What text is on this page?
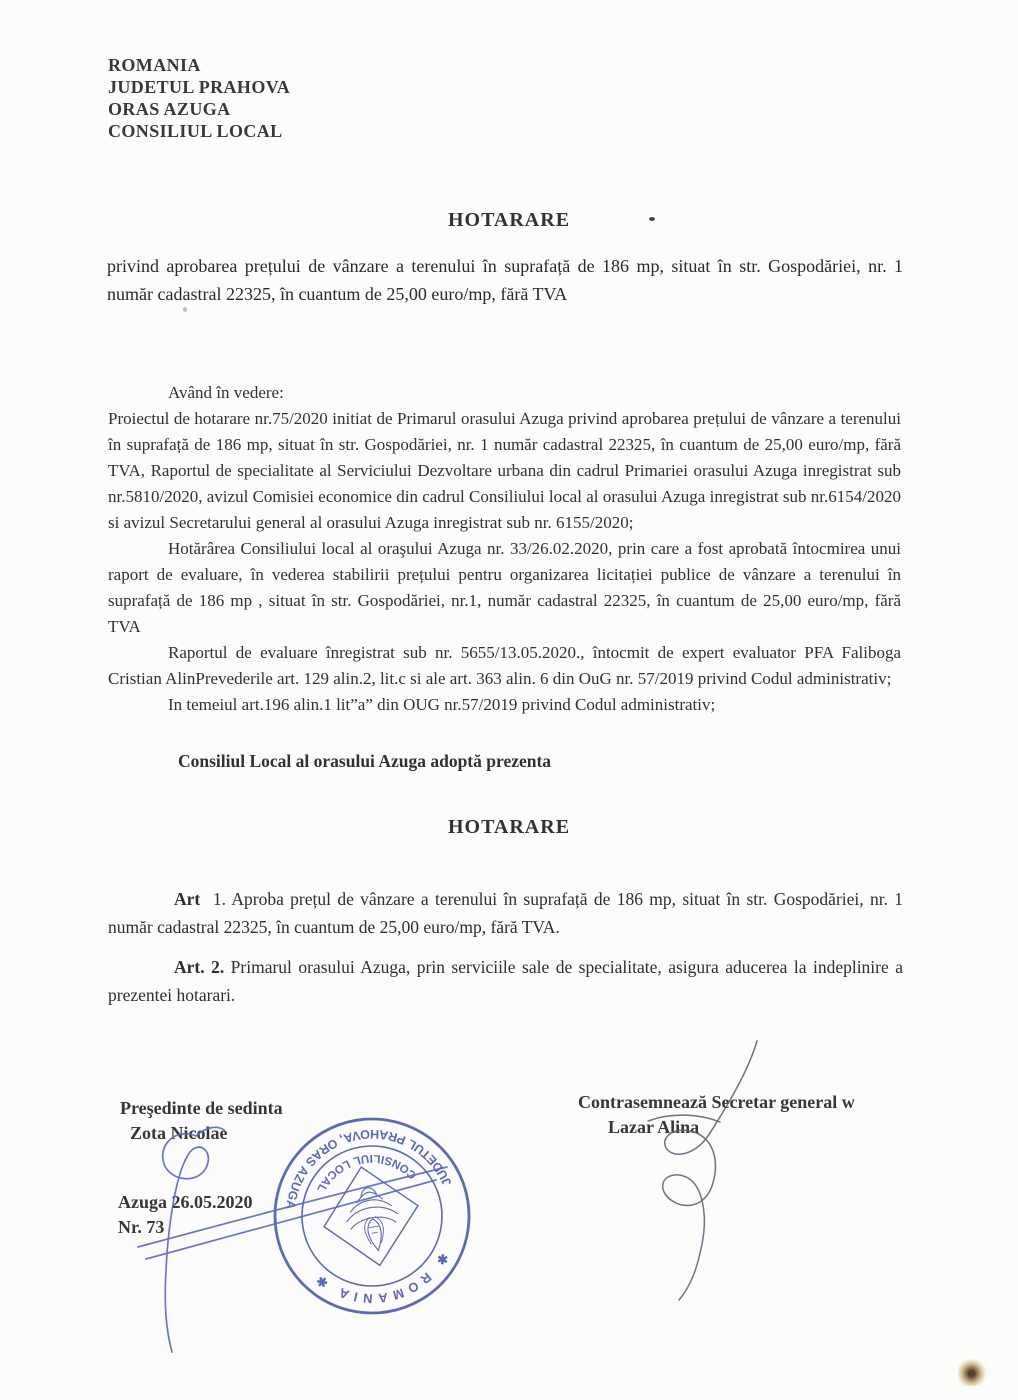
ROMANIA
JUDETUL PRAHOVA
ORAS AZUGA
CONSILIUL LOCAL
HOTARARE

privind aprobarea prețului de vânzare a terenului în suprafață de 186 mp, situat în str. Gospodăriei, nr. 1 număr cadastral 22325, în cuantum de 25,00 euro/mp, fără TVA

Având în vedere:

Proiectul de hotarare nr.75/2020 initiat de Primarul orasului Azuga privind aprobarea prețului de vânzare a terenului în suprafață de 186 mp, situat în str. Gospodăriei, nr. 1 număr cadastral 22325, în cuantum de 25,00 euro/mp, fără TVA, Raportul de specialitate al Serviciului Dezvoltare urbana din cadrul Primariei orasului Azuga inregistrat sub nr.5810/2020, avizul Comisiei economice din cadrul Consiliului local al orasului Azuga inregistrat sub nr.6154/2020 si avizul Secretarului general al orasului Azuga inregistrat sub nr. 6155/2020;

Hotărârea Consiliului local al oraşului Azuga nr. 33/26.02.2020, prin care a fost aprobată întocmirea unui raport de evaluare, în vederea stabilirii prețului pentru organizarea licitației publice de vânzare a terenului în suprafață de 186 mp , situat în str. Gospodăriei, nr.1, număr cadastral 22325, în cuantum de 25,00 euro/mp, fără TVA

Raportul de evaluare înregistrat sub nr. 5655/13.05.2020., întocmit de expert evaluator PFA Faliboga Cristian AlinPrevederile art. 129 alin.2, lit.c si ale art. 363 alin. 6 din OuG nr. 57/2019 privind Codul administrativ;

In temeiul art.196 alin.1 lit”a” din OUG nr.57/2019 privind Codul administrativ;

Consiliul Local al orasului Azuga adoptă prezenta
HOTARARE

Art 1. Aproba prețul de vânzare a terenului în suprafață de 186 mp, situat în str. Gospodăriei, nr. 1 număr cadastral 22325, în cuantum de 25,00 euro/mp, fără TVA.

Art. 2. Primarul orasului Azuga, prin serviciile sale de specialitate, asigura aducerea la indeplinire a prezentei hotarari.

Preşedinte de sedinta
Zota Nicolae
Azuga 26.05.2020
Nr. 73
Contrasemnează Secretar general w
Lazar Alina
✱ ROMANIA ✱
JUDETUL PRAHOVA, ORAS AZUGA
CONSILIUL LOCAL
